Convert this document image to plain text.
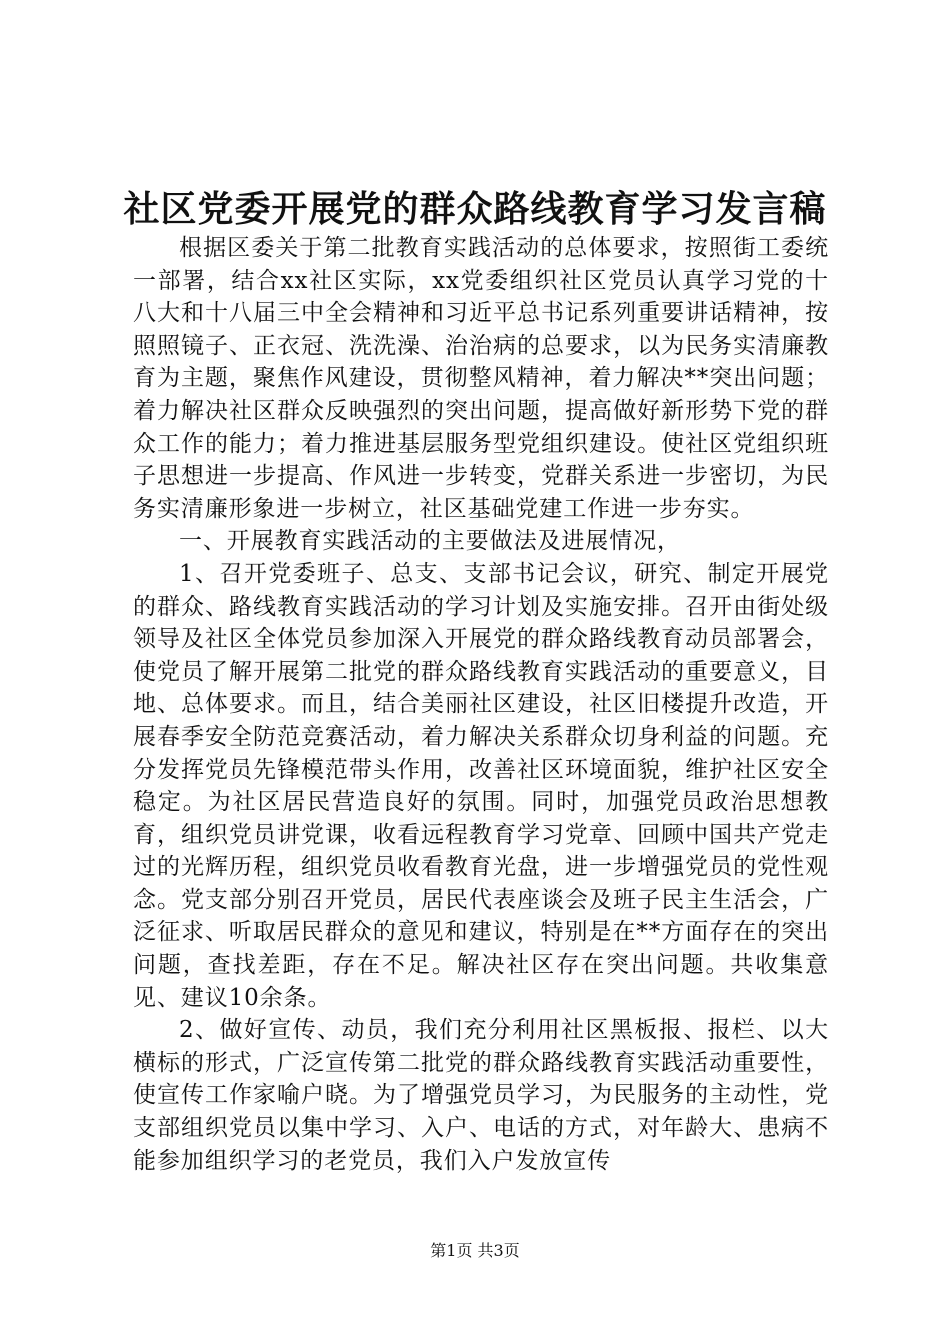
社区党委开展党的群众路线教育学习发言稿

根据区委关于第二批教育实践活动的总体要求，按照街工委统一部署，结合xx社区实际，xx党委组织社区党员认真学习党的十八大和十八届三中全会精神和习近平总书记系列重要讲话精神，按照照镜子、正衣冠、洗洗澡、治治病的总要求，以为民务实清廉教育为主题，聚焦作风建设，贯彻整风精神，着力解决**突出问题；着力解决社区群众反映强烈的突出问题，提高做好新形势下党的群众工作的能力；着力推进基层服务型党组织建设。使社区党组织班子思想进一步提高、作风进一步转变，党群关系进一步密切，为民务实清廉形象进一步树立，社区基础党建工作进一步夯实。

一、开展教育实践活动的主要做法及进展情况，

1、召开党委班子、总支、支部书记会议，研究、制定开展党的群众、路线教育实践活动的学习计划及实施安排。召开由街处级领导及社区全体党员参加深入开展党的群众路线教育动员部署会，使党员了解开展第二批党的群众路线教育实践活动的重要意义，目地、总体要求。而且，结合美丽社区建设，社区旧楼提升改造，开展春季安全防范竞赛活动，着力解决关系群众切身利益的问题。充分发挥党员先锋模范带头作用，改善社区环境面貌，维护社区安全稳定。为社区居民营造良好的氛围。同时，加强党员政治思想教育，组织党员讲党课，收看远程教育学习党章、回顾中国共产党走过的光辉历程，组织党员收看教育光盘，进一步增强党员的党性观念。党支部分别召开党员，居民代表座谈会及班子民主生活会，广泛征求、听取居民群众的意见和建议，特别是在**方面存在的突出问题，查找差距，存在不足。解决社区存在突出问题。共收集意见、建议10余条。

2、做好宣传、动员，我们充分利用社区黑板报、报栏、以大横标的形式，广泛宣传第二批党的群众路线教育实践活动重要性，使宣传工作家喻户晓。为了增强党员学习，为民服务的主动性，党支部组织党员以集中学习、入户、电话的方式，对年龄大、患病不能参加组织学习的老党员，我们入户发放宣传

第1页 共3页
